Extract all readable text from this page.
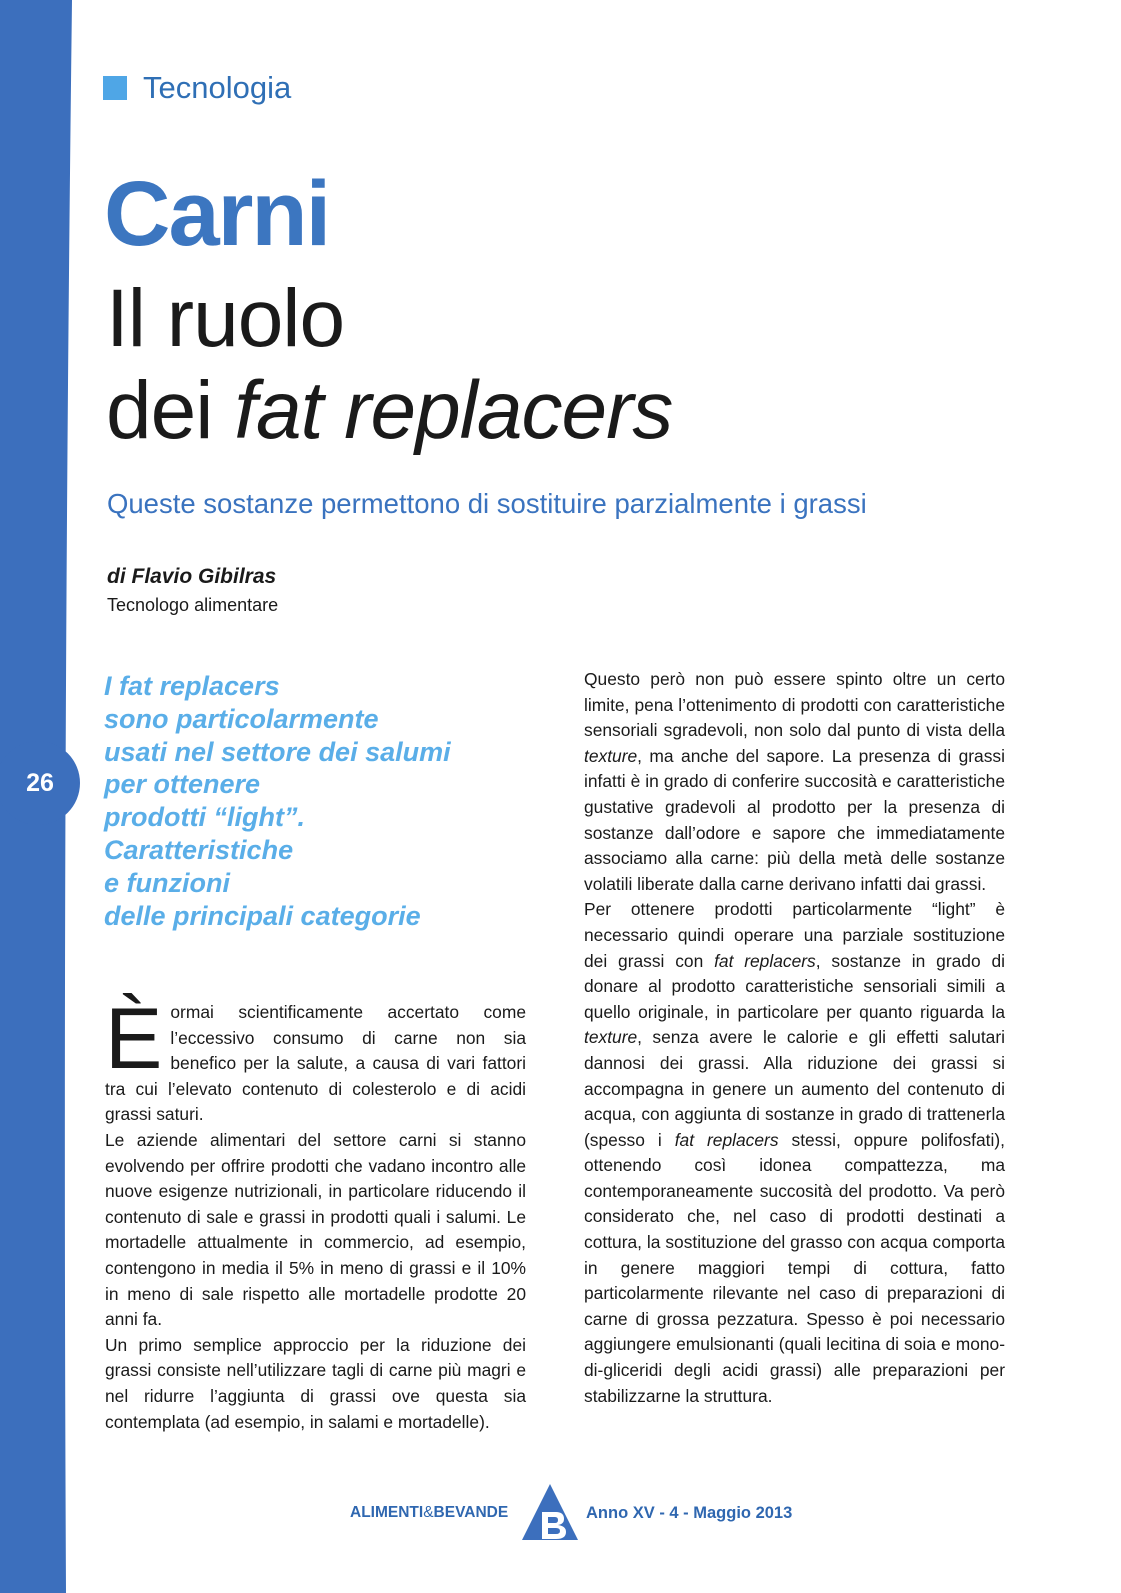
26
Tecnologia
Carni
Il ruolo
dei fat replacers
Queste sostanze permettono di sostituire parzialmente i grassi
di Flavio Gibilras
Tecnologo alimentare
I fat replacers
sono particolarmente
usati nel settore dei salumi
per ottenere
prodotti “light”.
Caratteristiche
e funzioni
delle principali categorie

Èormai scientificamente accertato come l’eccessivo consumo di carne non sia benefico per la salute, a causa di vari fattori tra cui l’elevato contenuto di colesterolo e di acidi grassi saturi.

Le aziende alimentari del settore carni si stanno evolvendo per offrire prodotti che vadano incontro alle nuove esigenze nutrizionali, in particolare riducendo il contenuto di sale e grassi in prodotti quali i salumi. Le mortadelle attualmente in commercio, ad esempio, contengono in media il 5% in meno di grassi e il 10% in meno di sale rispetto alle mortadelle prodotte 20 anni fa.

Un primo semplice approccio per la riduzione dei grassi consiste nell’utilizzare tagli di carne più magri e nel ridurre l’aggiunta di grassi ove questa sia contemplata (ad esempio, in salami e mortadelle).

Questo però non può essere spinto oltre un certo limite, pena l’ottenimento di prodotti con caratteristiche sensoriali sgradevoli, non solo dal punto di vista della texture, ma anche del sapore. La presenza di grassi infatti è in grado di conferire succosità e caratteristiche gustative gradevoli al prodotto per la presenza di sostanze dall’odore e sapore che immediatamente associamo alla carne: più della metà delle sostanze volatili liberate dalla carne derivano infatti dai grassi.

Per ottenere prodotti particolarmente “light” è necessario quindi operare una parziale sostituzione dei grassi con fat replacers, sostanze in grado di donare al prodotto caratteristiche sensoriali simili a quello originale, in particolare per quanto riguarda la texture, senza avere le calorie e gli effetti salutari dannosi dei grassi. Alla riduzione dei grassi si accompagna in genere un aumento del contenuto di acqua, con aggiunta di sostanze in grado di trattenerla (spesso i fat replacers stessi, oppure polifosfati), ottenendo così idonea compattezza, ma contemporaneamente succosità del prodotto. Va però considerato che, nel caso di prodotti destinati a cottura, la sostituzione del grasso con acqua comporta in genere maggiori tempi di cottura, fatto particolarmente rilevante nel caso di preparazioni di carne di grossa pezzatura. Spesso è poi necessario aggiungere emulsionanti (quali lecitina di soia e mono-di-gliceridi degli acidi grassi) alle preparazioni per stabilizzarne la struttura.

ALIMENTI&BEVANDE	Anno XV - 4 - Maggio 2013
